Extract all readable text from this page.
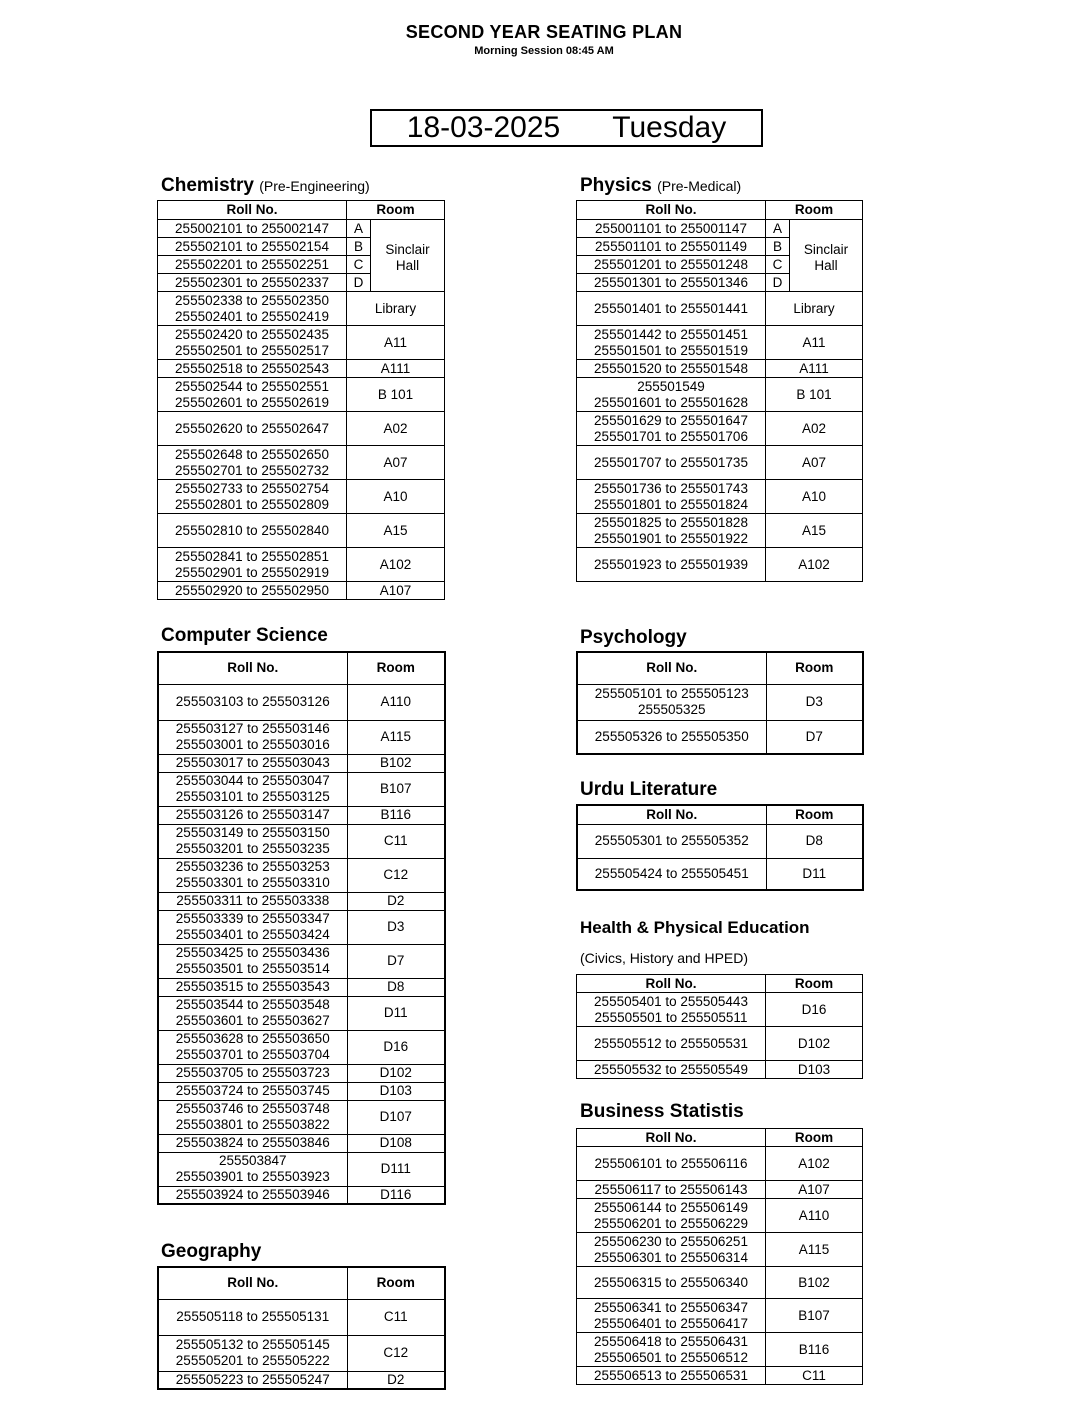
SECOND YEAR SEATING PLAN
Morning Session 08:45 AM
18-03-2025 Tuesday
Chemistry (Pre-Engineering)
Roll No.	Room	
255002101 to 255002147	A	Sinclair
Hall

255502101 to 255502154	B	
255502201 to 255502251	C	
255502301 to 255502337	D	

255502338 to 255502350
255502401 to 255502419	Library	

255502420 to 255502435
255502501 to 255502517	A11	

255502518 to 255502543	A111	

255502544 to 255502551
255502601 to 255502619	B 101	

255502620 to 255502647	A02	

255502648 to 255502650
255502701 to 255502732	A07	

255502733 to 255502754
255502801 to 255502809	A10	

255502810 to 255502840	A15	

255502841 to 255502851
255502901 to 255502919	A102	

255502920 to 255502950	A107	
Physics (Pre-Medical)
Roll No.	Room	
255001101 to 255001147	A	Sinclair
Hall

255501101 to 255501149	B	
255501201 to 255501248	C	
255501301 to 255501346	D	

255501401 to 255501441	Library	

255501442 to 255501451
255501501 to 255501519	A11	

255501520 to 255501548	A111	

255501549
255501601 to 255501628	B 101	

255501629 to 255501647
255501701 to 255501706	A02	

255501707 to 255501735	A07	

255501736 to 255501743
255501801 to 255501824	A10	

255501825 to 255501828
255501901 to 255501922	A15	

255501923 to 255501939	A102	
Computer Science
Roll No.	Room

255503103 to 255503126	A110

255503127 to 255503146
255503001 to 255503016	A115

255503017 to 255503043	B102

255503044 to 255503047
255503101 to 255503125	B107

255503126 to 255503147	B116

255503149 to 255503150
255503201 to 255503235	C11

255503236 to 255503253
255503301 to 255503310	C12

255503311 to 255503338	D2

255503339 to 255503347
255503401 to 255503424	D3

255503425 to 255503436
255503501 to 255503514	D7

255503515 to 255503543	D8

255503544 to 255503548
255503601 to 255503627	D11

255503628 to 255503650
255503701 to 255503704	D16

255503705 to 255503723	D102

255503724 to 255503745	D103

255503746 to 255503748
255503801 to 255503822	D107

255503824 to 255503846	D108

255503847
255503901 to 255503923	D111

255503924 to 255503946	D116
Geography
Roll No.	Room

255505118 to 255505131	C11

255505132 to 255505145
255505201 to 255505222	C12

255505223 to 255505247	D2
Psychology
Roll No.	Room

255505101 to 255505123
255505325	D3

255505326 to 255505350	D7
Urdu Literature
Roll No.	Room

255505301 to 255505352	D8

255505424 to 255505451	D11
Health & Physical Education
(Civics, History and HPED)
Roll No.	Room

255505401 to 255505443
255505501 to 255505511	D16

255505512 to 255505531	D102

255505532 to 255505549	D103
Business Statistis
Roll No.	Room

255506101 to 255506116	A102

255506117 to 255506143	A107

255506144 to 255506149
255506201 to 255506229	A110

255506230 to 255506251
255506301 to 255506314	A115

255506315 to 255506340	B102

255506341 to 255506347
255506401 to 255506417	B107

255506418 to 255506431
255506501 to 255506512	B116

255506513 to 255506531	C11
